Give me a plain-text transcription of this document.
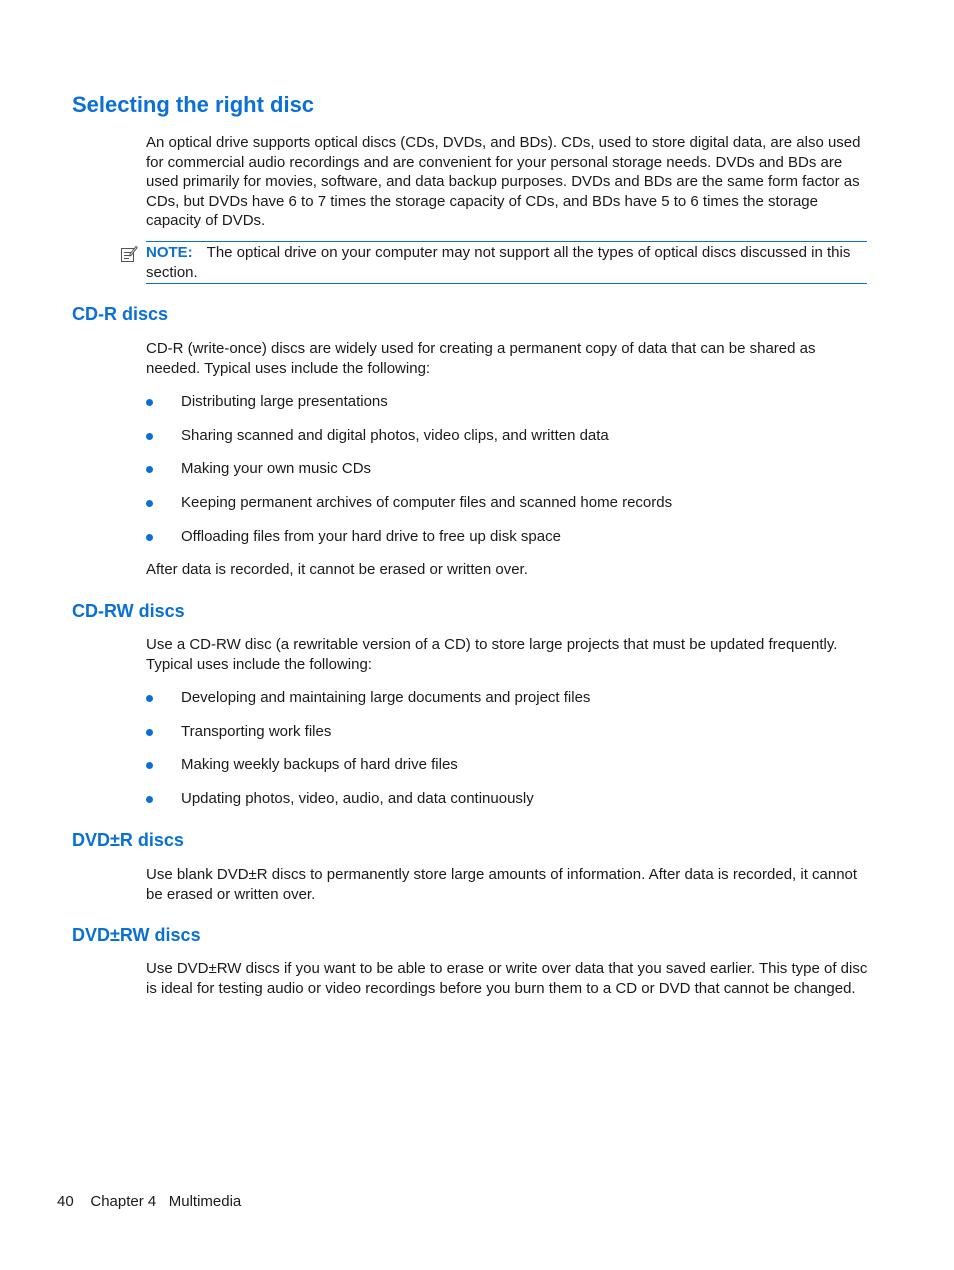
Selecting the right disc

An optical drive supports optical discs (CDs, DVDs, and BDs). CDs, used to store digital data, are also used for commercial audio recordings and are convenient for your personal storage needs. DVDs and BDs are used primarily for movies, software, and data backup purposes. DVDs and BDs are the same form factor as CDs, but DVDs have 6 to 7 times the storage capacity of CDs, and BDs have 5 to 6 times the storage capacity of DVDs.

NOTE: The optical drive on your computer may not support all the types of optical discs discussed in this section.
CD-R discs

CD-R (write-once) discs are widely used for creating a permanent copy of data that can be shared as needed. Typical uses include the following:

Distributing large presentations
Sharing scanned and digital photos, video clips, and written data
Making your own music CDs
Keeping permanent archives of computer files and scanned home records
Offloading files from your hard drive to free up disk space

After data is recorded, it cannot be erased or written over.

CD-RW discs

Use a CD-RW disc (a rewritable version of a CD) to store large projects that must be updated frequently. Typical uses include the following:

Developing and maintaining large documents and project files
Transporting work files
Making weekly backups of hard drive files
Updating photos, video, audio, and data continuously
DVD±R discs

Use blank DVD±R discs to permanently store large amounts of information. After data is recorded, it cannot be erased or written over.

DVD±RW discs

Use DVD±RW discs if you want to be able to erase or write over data that you saved earlier. This type of disc is ideal for testing audio or video recordings before you burn them to a CD or DVD that cannot be changed.

40 Chapter 4 Multimedia
